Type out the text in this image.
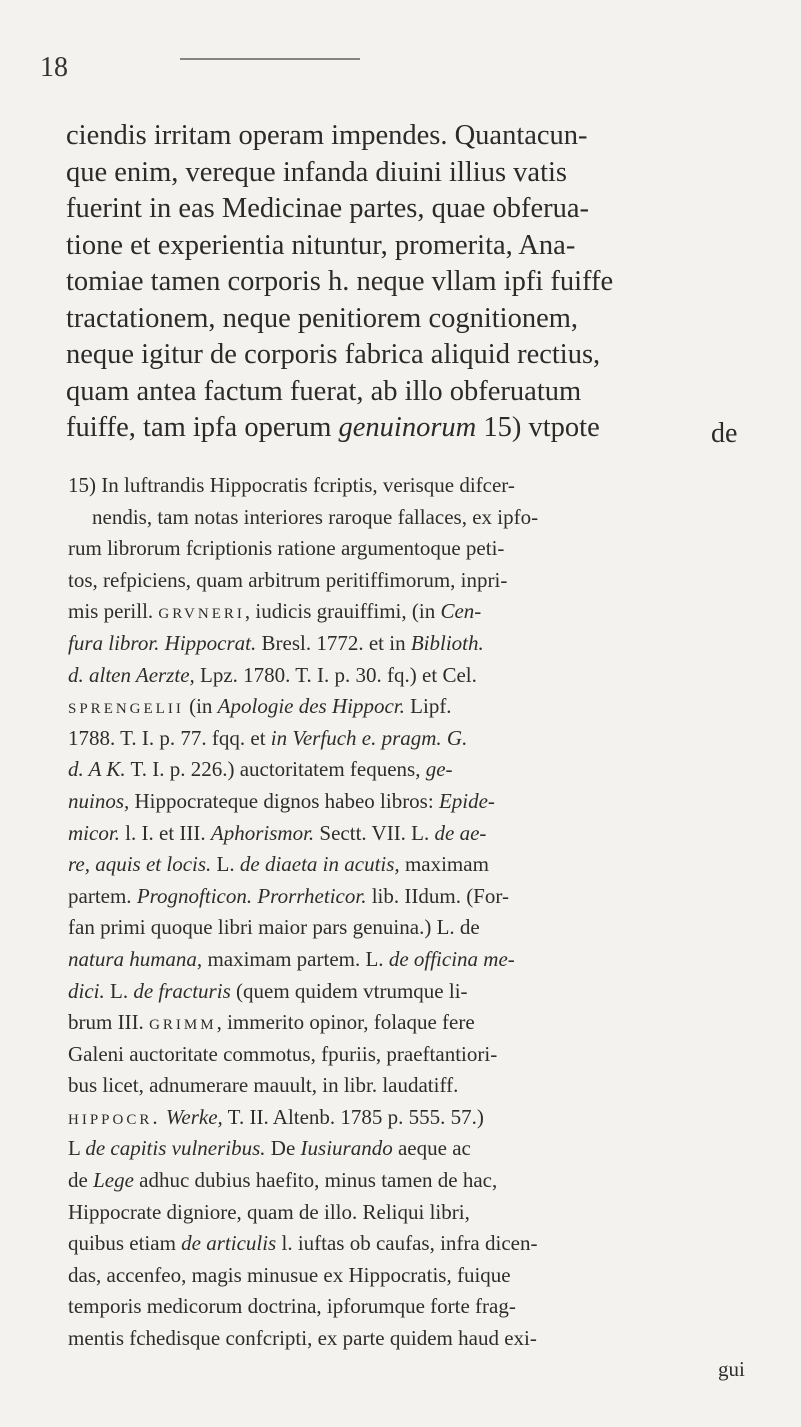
18
ciendis irritam operam impendes. Quantacun-
que enim, vereque infanda diuini illius vatis
fuerint in eas Medicinae partes, quae obferua-
tione et experientia nituntur, promerita, Ana-
tomiae tamen corporis h. neque vllam ipfi fuiffe
tractationem, neque penitiorem cognitionem,
neque igitur de corporis fabrica aliquid rectius,
quam antea factum fuerat, ab illo obferuatum
fuiffe, tam ipfa operum genuinorum 15) vtpote	de
15) In luftrandis Hippocratis fcriptis, verisque difcer-
nendis, tam notas interiores raroque fallaces, ex ipfo-
rum librorum fcriptionis ratione argumentoque peti-
tos, refpiciens, quam arbitrum peritiffimorum, inpri-
mis perill. grvneri, iudicis grauiffimi, (in Cen-
fura libror. Hippocrat. Bresl. 1772. et in Biblioth.
d. alten Aerzte, Lpz. 1780. T. I. p. 30. fq.) et Cel.
sprengelii (in Apologie des Hippocr. Lipf.
1788. T. I. p. 77. fqq. et in Verfuch e. pragm. G.
d. A K. T. I. p. 226.) auctoritatem fequens, ge-
nuinos, Hippocrateque dignos habeo libros: Epide-
micor. l. I. et III. Aphorismor. Sectt. VII. L. de ae-
re, aquis et locis. L. de diaeta in acutis, maximam
partem. Prognofticon. Prorrheticor. lib. IIdum. (For-
fan primi quoque libri maior pars genuina.) L. de
natura humana, maximam partem. L. de officina me-
dici. L. de fracturis (quem quidem vtrumque li-
brum III. grimm, immerito opinor, folaque fere
Galeni auctoritate commotus, fpuriis, praeftantiori-
bus licet, adnumerare mauult, in libr. laudatiff.
hippocr. Werke, T. II. Altenb. 1785 p. 555. 57.)
L de capitis vulneribus. De Iusiurando aeque ac
de Lege adhuc dubius haefito, minus tamen de hac,
Hippocrate digniore, quam de illo. Reliqui libri,
quibus etiam de articulis l. iuftas ob caufas, infra dicen-
das, accenfeo, magis minusue ex Hippocratis, fuique
temporis medicorum doctrina, ipforumque forte frag-
mentis fchedisque confcripti, ex parte quidem haud exi-
gui
